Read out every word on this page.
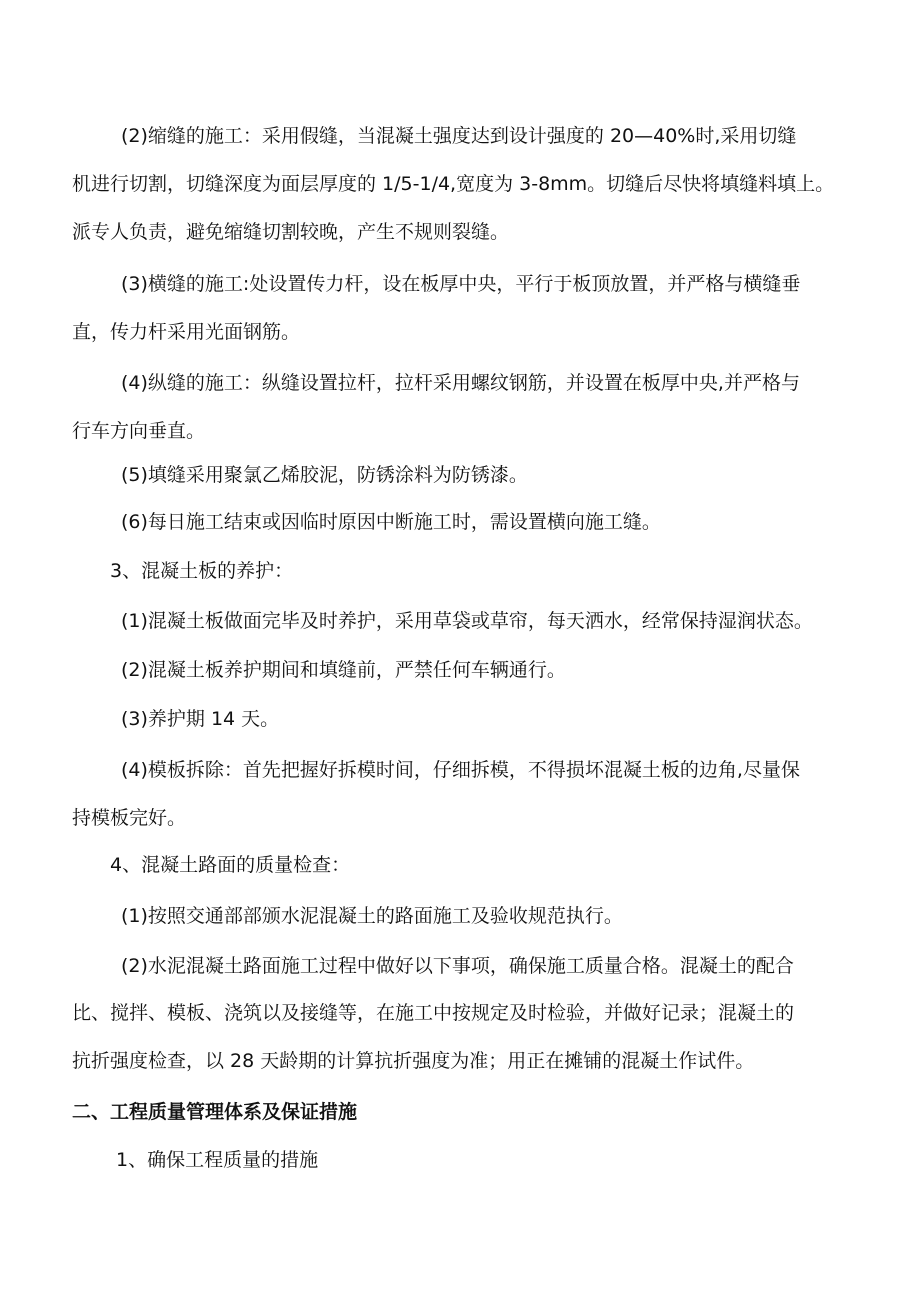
(2)缩缝的施工：采用假缝，当混凝土强度达到设计强度的 20—40%时,采用切缝
机进行切割，切缝深度为面层厚度的 1/5-1/4,宽度为 3-8mm。切缝后尽快将填缝料填上。
派专人负责，避免缩缝切割较晚，产生不规则裂缝。
(3)横缝的施工:处设置传力杆，设在板厚中央，平行于板顶放置，并严格与横缝垂
直，传力杆采用光面钢筋。
(4)纵缝的施工：纵缝设置拉杆，拉杆采用螺纹钢筋，并设置在板厚中央,并严格与
行车方向垂直。
(5)填缝采用聚氯乙烯胶泥，防锈涂料为防锈漆。
(6)每日施工结束或因临时原因中断施工时，需设置横向施工缝。
3、混凝土板的养护：
(1)混凝土板做面完毕及时养护，采用草袋或草帘，每天洒水，经常保持湿润状态。
(2)混凝土板养护期间和填缝前，严禁任何车辆通行。
(3)养护期 14 天。
(4)模板拆除：首先把握好拆模时间，仔细拆模，不得损坏混凝土板的边角,尽量保
持模板完好。
4、混凝土路面的质量检查：
(1)按照交通部部颁水泥混凝土的路面施工及验收规范执行。
(2)水泥混凝土路面施工过程中做好以下事项，确保施工质量合格。混凝土的配合
比、搅拌、模板、浇筑以及接缝等，在施工中按规定及时检验，并做好记录；混凝土的
抗折强度检查，以 28 天龄期的计算抗折强度为准；用正在摊铺的混凝土作试件。
二、工程质量管理体系及保证措施
1、确保工程质量的措施
